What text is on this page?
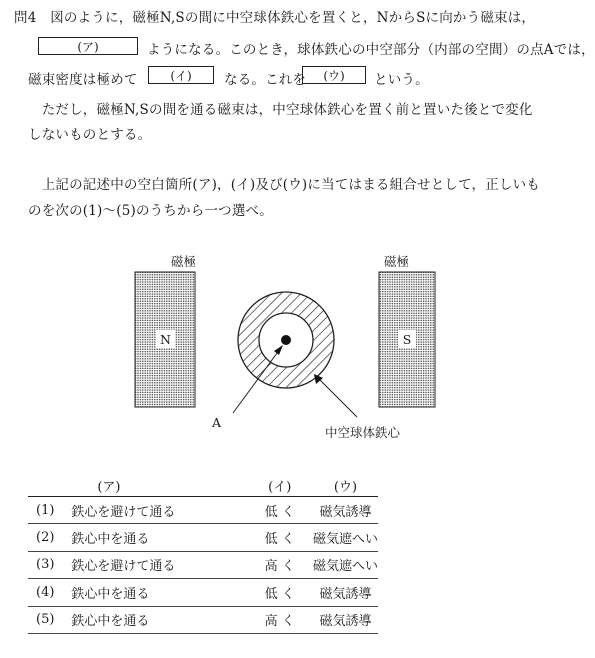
問4　図のように，磁極N,Sの間に中空球体鉄心を置くと，NからSに向かう磁束は，
(ア)	ようになる。このとき，球体鉄心の中空部分（内部の空間）の点Aでは，
磁束密度は極めて	(イ) なる。これを (ウ) という。
　ただし，磁極N,Sの間を通る磁束は，中空球体鉄心を置く前と置いた後とで変化
しないものとする。
　上記の記述中の空白箇所(ア)，(イ)及び(ウ)に当てはまる組合せとして，正しいも
のを次の(1)～(5)のうちから一つ選べ。
磁極
N
磁極
S
A
中空球体鉄心
	(ア)	(イ)	(ウ)
(1)	鉄心を避けて通る	低 く	磁気誘導
(2)	鉄心中を通る	低 く	磁気遮へい
(3)	鉄心を避けて通る	高 く	磁気遮へい
(4)	鉄心中を通る	低 く	磁気誘導
(5)	鉄心中を通る	高 く	磁気誘導
